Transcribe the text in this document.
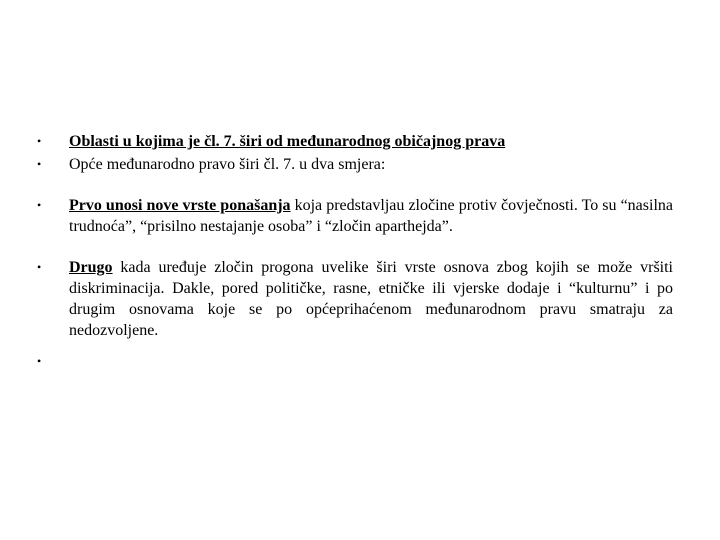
•	Oblasti u kojima je čl. 7. širi od međunarodnog običajnog prava
•	Opće međunarodno pravo širi čl. 7. u dva smjera:
•	Prvo unosi nove vrste ponašanja koja predstavljau zločine protiv čovječnosti. To su “nasilna trudnoća”, “prisilno nestajanje osoba” i “zločin aparthejda”.
•	Drugo kada uređuje zločin progona uvelike širi vrste osnova zbog kojih se može vršiti diskriminacija. Dakle, pored političke, rasne, etničke ili vjerske dodaje i “kulturnu” i po drugim osnovama koje se po općeprihaćenom međunarodnom pravu smatraju za nedozvoljene.
•
